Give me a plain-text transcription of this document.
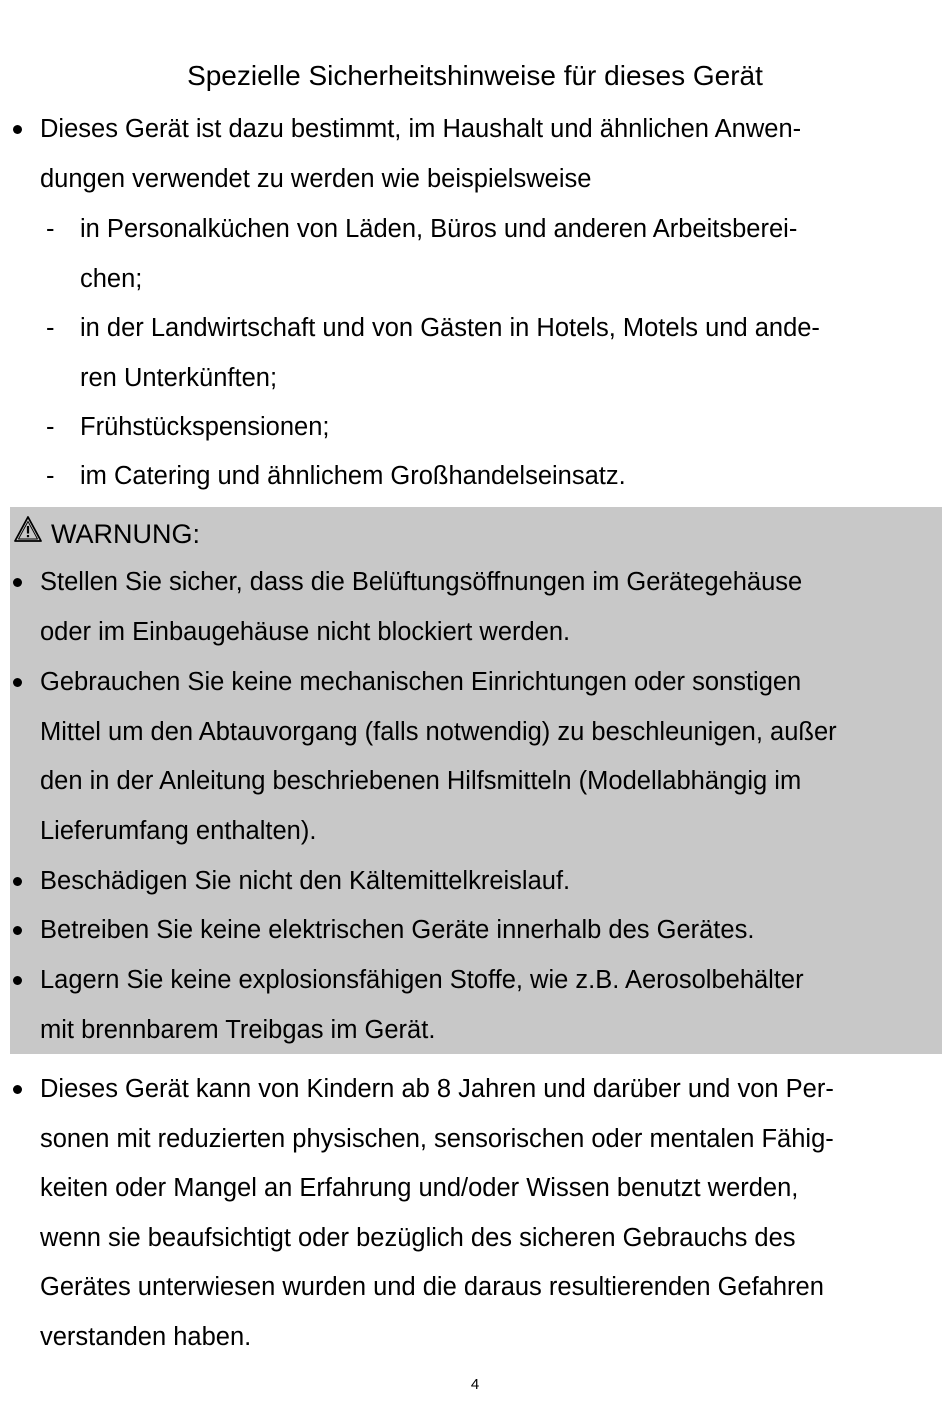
Spezielle Sicherheitshinweise für dieses Gerät

Dieses Gerät ist dazu bestimmt, im Haushalt und ähnlichen Anwen-

dungen verwendet zu werden wie beispielsweise

- in Personalküchen von Läden, Büros und anderen Arbeitsberei-

chen;

- in der Landwirtschaft und von Gästen in Hotels, Motels und ande-

ren Unterkünften;

- Frühstückspensionen;

- im Catering und ähnlichem Großhandelseinsatz.

WARNUNG:

Stellen Sie sicher, dass die Belüftungsöffnungen im Gerätegehäuse

oder im Einbaugehäuse nicht blockiert werden.

Gebrauchen Sie keine mechanischen Einrichtungen oder sonstigen

Mittel um den Abtauvorgang (falls notwendig) zu beschleunigen, außer

den in der Anleitung beschriebenen Hilfsmitteln (Modellabhängig im

Lieferumfang enthalten).

Beschädigen Sie nicht den Kältemittelkreislauf.

Betreiben Sie keine elektrischen Geräte innerhalb des Gerätes.

Lagern Sie keine explosionsfähigen Stoffe, wie z.B. Aerosolbehälter

mit brennbarem Treibgas im Gerät.

Dieses Gerät kann von Kindern ab 8 Jahren und darüber und von Per-

sonen mit reduzierten physischen, sensorischen oder mentalen Fähig-

keiten oder Mangel an Erfahrung und/oder Wissen benutzt werden,

wenn sie beaufsichtigt oder bezüglich des sicheren Gebrauchs des

Gerätes unterwiesen wurden und die daraus resultierenden Gefahren

verstanden haben.

4
